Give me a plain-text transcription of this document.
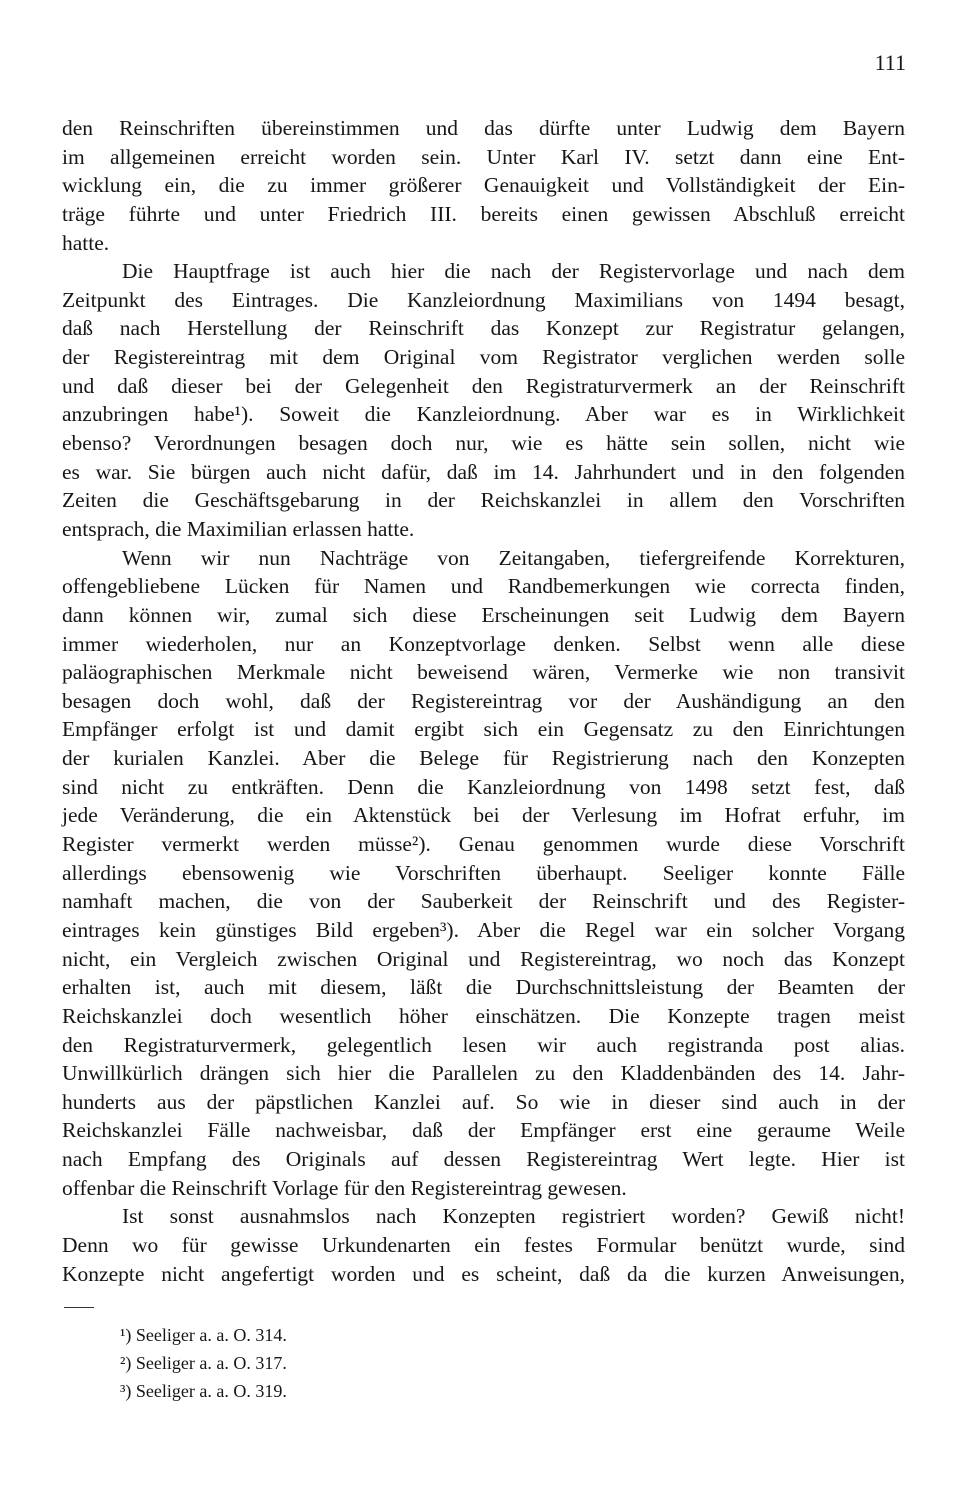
111
den Reinschriften übereinstimmen und das dürfte unter Ludwig dem Bayern
im allgemeinen erreicht worden sein. Unter Karl IV. setzt dann eine Ent-
wicklung ein, die zu immer größerer Genauigkeit und Vollständigkeit der Ein-
träge führte und unter Friedrich III. bereits einen gewissen Abschluß erreicht
hatte.
Die Hauptfrage ist auch hier die nach der Registervorlage und nach dem
Zeitpunkt des Eintrages. Die Kanzleiordnung Maximilians von 1494 besagt,
daß nach Herstellung der Reinschrift das Konzept zur Registratur gelangen,
der Registereintrag mit dem Original vom Registrator verglichen werden solle
und daß dieser bei der Gelegenheit den Registraturvermerk an der Reinschrift
anzubringen habe¹). Soweit die Kanzleiordnung. Aber war es in Wirklichkeit
ebenso? Verordnungen besagen doch nur, wie es hätte sein sollen, nicht wie
es war. Sie bürgen auch nicht dafür, daß im 14. Jahrhundert und in den folgenden
Zeiten die Geschäftsgebarung in der Reichskanzlei in allem den Vorschriften
entsprach, die Maximilian erlassen hatte.
Wenn wir nun Nachträge von Zeitangaben, tiefergreifende Korrekturen,
offengebliebene Lücken für Namen und Randbemerkungen wie correcta finden,
dann können wir, zumal sich diese Erscheinungen seit Ludwig dem Bayern
immer wiederholen, nur an Konzeptvorlage denken. Selbst wenn alle diese
paläographischen Merkmale nicht beweisend wären, Vermerke wie non transivit
besagen doch wohl, daß der Registereintrag vor der Aushändigung an den
Empfänger erfolgt ist und damit ergibt sich ein Gegensatz zu den Einrichtungen
der kurialen Kanzlei. Aber die Belege für Registrierung nach den Konzepten
sind nicht zu entkräften. Denn die Kanzleiordnung von 1498 setzt fest, daß
jede Veränderung, die ein Aktenstück bei der Verlesung im Hofrat erfuhr, im
Register vermerkt werden müsse²). Genau genommen wurde diese Vorschrift
allerdings ebensowenig wie Vorschriften überhaupt. Seeliger konnte Fälle
namhaft machen, die von der Sauberkeit der Reinschrift und des Register-
eintrages kein günstiges Bild ergeben³). Aber die Regel war ein solcher Vorgang
nicht, ein Vergleich zwischen Original und Registereintrag, wo noch das Konzept
erhalten ist, auch mit diesem, läßt die Durchschnittsleistung der Beamten der
Reichskanzlei doch wesentlich höher einschätzen. Die Konzepte tragen meist
den Registraturvermerk, gelegentlich lesen wir auch registranda post alias.
Unwillkürlich drängen sich hier die Parallelen zu den Kladdenbänden des 14. Jahr-
hunderts aus der päpstlichen Kanzlei auf. So wie in dieser sind auch in der
Reichskanzlei Fälle nachweisbar, daß der Empfänger erst eine geraume Weile
nach Empfang des Originals auf dessen Registereintrag Wert legte. Hier ist
offenbar die Reinschrift Vorlage für den Registereintrag gewesen.
Ist sonst ausnahmslos nach Konzepten registriert worden? Gewiß nicht!
Denn wo für gewisse Urkundenarten ein festes Formular benützt wurde, sind
Konzepte nicht angefertigt worden und es scheint, daß da die kurzen Anweisungen,
¹) Seeliger a. a. O. 314.
²) Seeliger a. a. O. 317.
³) Seeliger a. a. O. 319.
